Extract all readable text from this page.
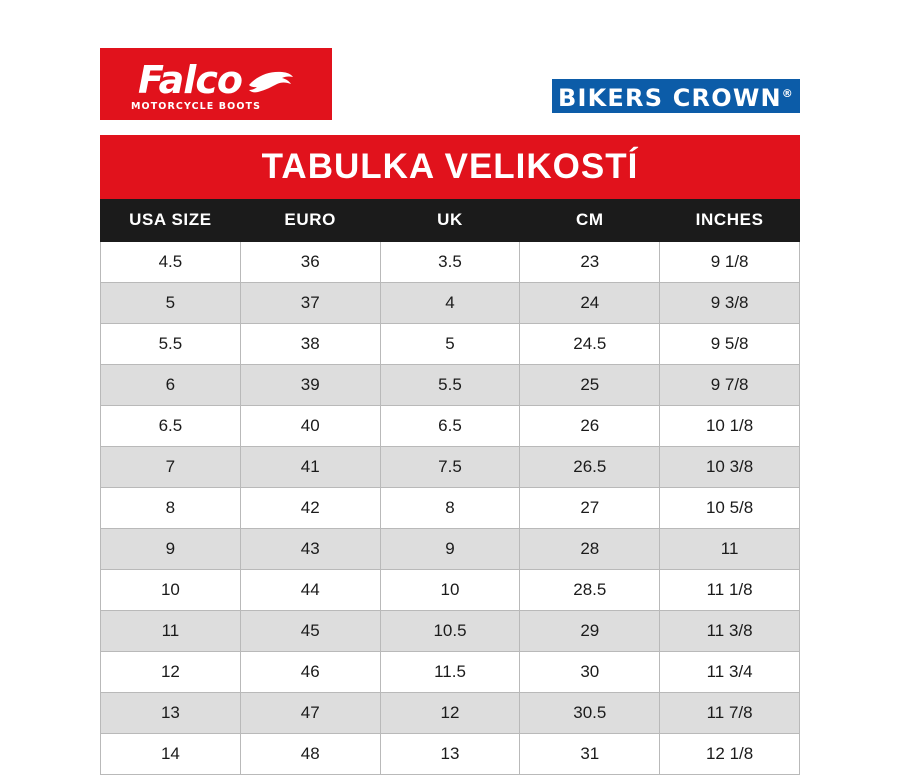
Falco
MOTORCYCLE BOOTS	BIKERS CROWN®
TABULKA VELIKOSTÍ				
USA SIZE	EURO	UK	CM	INCHES
4.5	36	3.5	23	9 1/8
5	37	4	24	9 3/8
5.5	38	5	24.5	9 5/8
6	39	5.5	25	9 7/8
6.5	40	6.5	26	10 1/8
7	41	7.5	26.5	10 3/8
8	42	8	27	10 5/8
9	43	9	28	11
10	44	10	28.5	11 1/8
11	45	10.5	29	11 3/8
12	46	11.5	30	11 3/4
13	47	12	30.5	11 7/8
14	48	13	31	12 1/8
